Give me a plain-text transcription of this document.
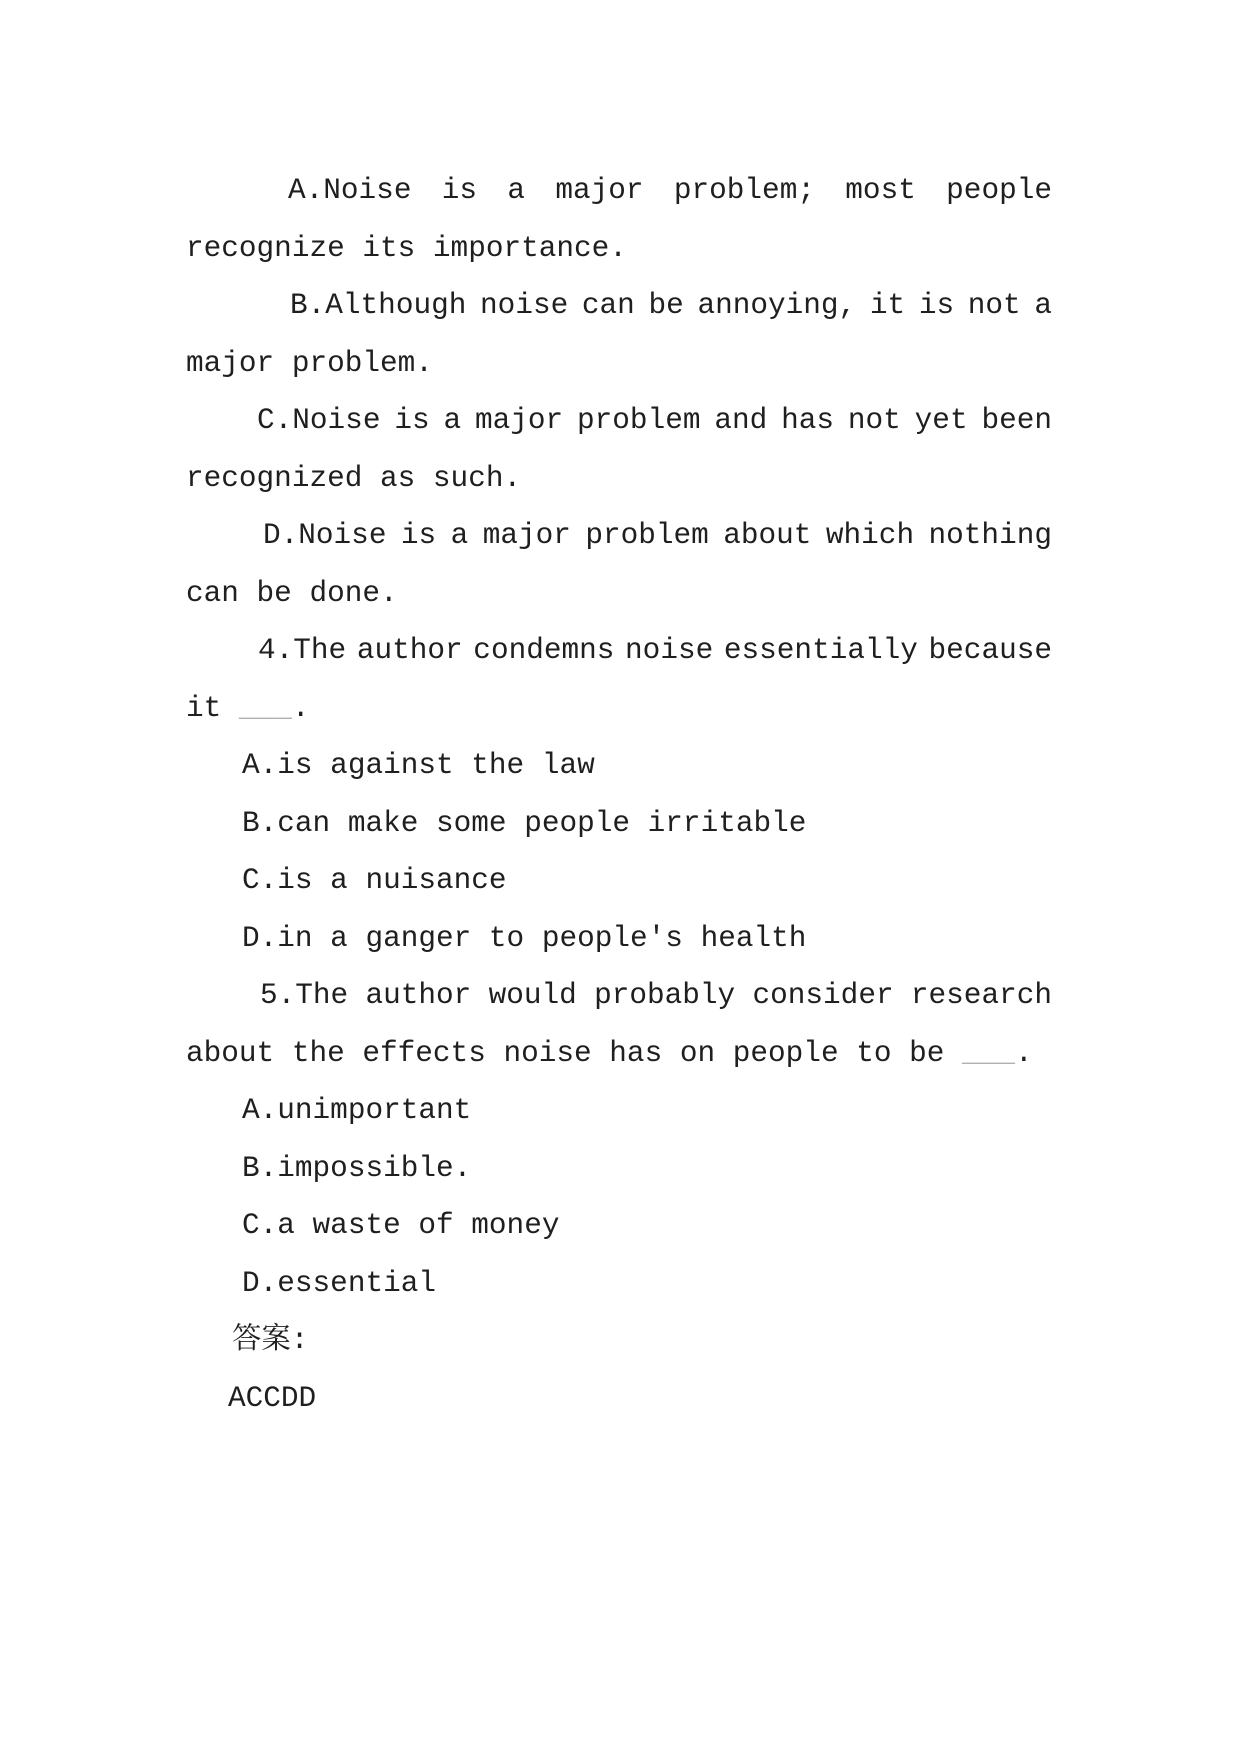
A.Noise is a major problem; most people
recognize its importance.
B.Although noise can be annoying, it is not a
major problem.
C.Noise is a major problem and has not yet been
recognized as such.
D.Noise is a major problem about which nothing
can be done.
4.The author condemns noise essentially because
it ___.
A.is against the law
B.can make some people irritable
C.is a nuisance
D.in a ganger to people's health
5.The author would probably consider research
about the effects noise has on people to be ___.
A.unimportant
B.impossible.
C.a waste of money
D.essential
答案:
ACCDD
